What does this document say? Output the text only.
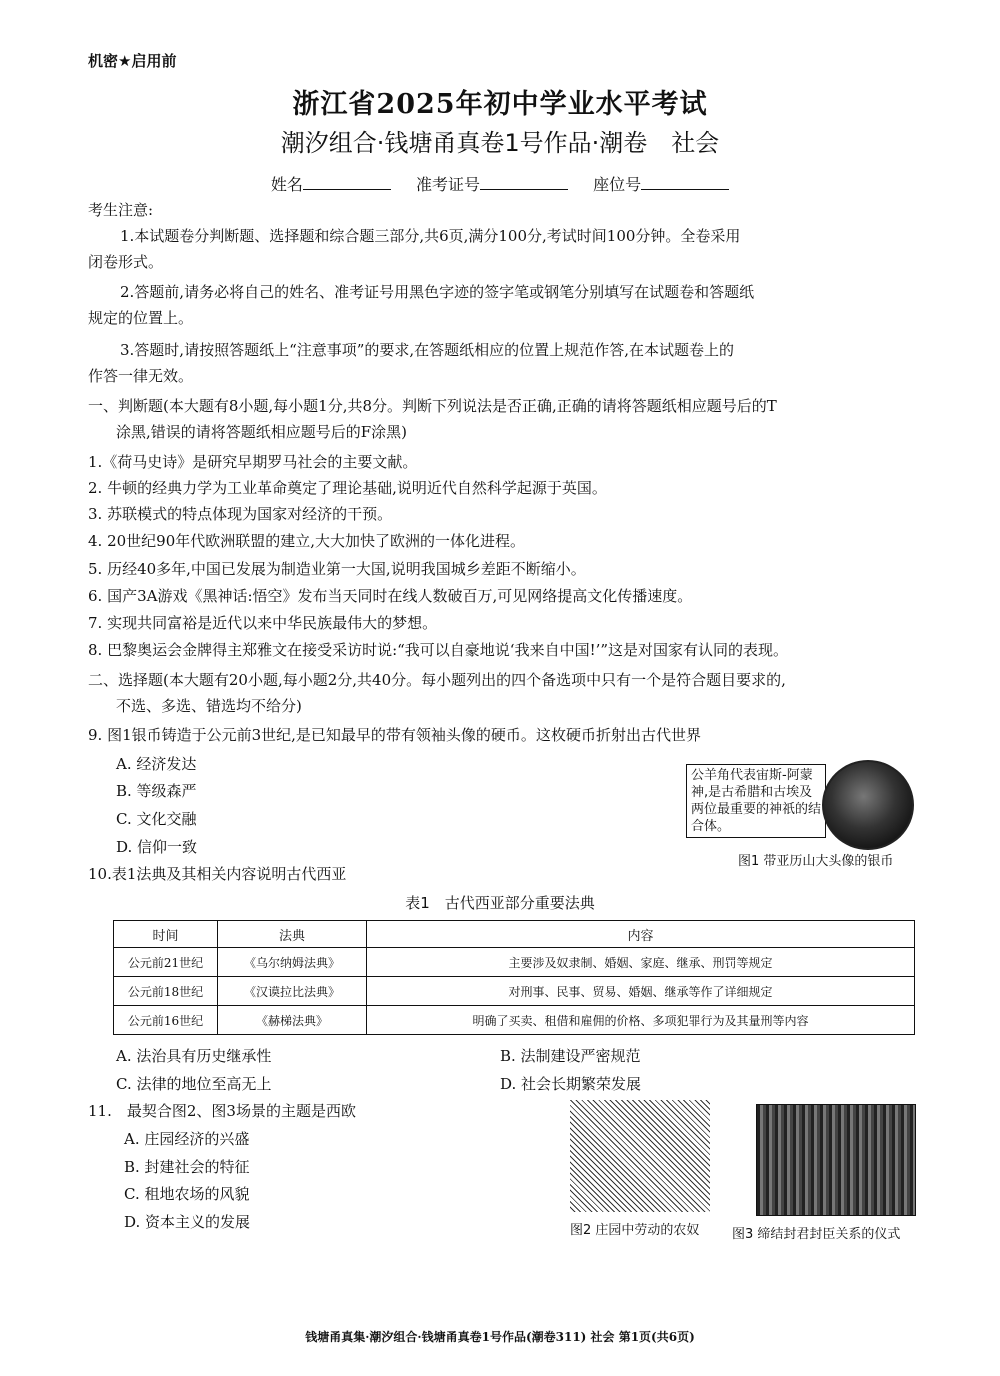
机密★启用前
浙江省2025年初中学业水平考试
潮汐组合·钱塘甬真卷1号作品·潮卷　社会
姓名	准考证号	座位号
考生注意:
1.本试题卷分判断题、选择题和综合题三部分,共6页,满分100分,考试时间100分钟。全卷采用
闭卷形式。
2.答题前,请务必将自己的姓名、准考证号用黑色字迹的签字笔或钢笔分别填写在试题卷和答题纸
规定的位置上。
3.答题时,请按照答题纸上“注意事项”的要求,在答题纸相应的位置上规范作答,在本试题卷上的
作答一律无效。
一、判断题(本大题有8小题,每小题1分,共8分。判断下列说法是否正确,正确的请将答题纸相应题号后的T
涂黑,错误的请将答题纸相应题号后的F涂黑)
1.《荷马史诗》是研究早期罗马社会的主要文献。
2. 牛顿的经典力学为工业革命奠定了理论基础,说明近代自然科学起源于英国。
3. 苏联模式的特点体现为国家对经济的干预。
4. 20世纪90年代欧洲联盟的建立,大大加快了欧洲的一体化进程。
5. 历经40多年,中国已发展为制造业第一大国,说明我国城乡差距不断缩小。
6. 国产3A游戏《黑神话:悟空》发布当天同时在线人数破百万,可见网络提高文化传播速度。
7. 实现共同富裕是近代以来中华民族最伟大的梦想。
8. 巴黎奥运会金牌得主郑雅文在接受采访时说:“我可以自豪地说‘我来自中国!’”这是对国家有认同的表现。
二、选择题(本大题有20小题,每小题2分,共40分。每小题列出的四个备选项中只有一个是符合题目要求的,
不选、多选、错选均不给分)
9. 图1银币铸造于公元前3世纪,是已知最早的带有领袖头像的硬币。这枚硬币折射出古代世界
A. 经济发达
B. 等级森严
C. 文化交融
D. 信仰一致
公羊角代表宙斯-阿蒙神,是古希腊和古埃及两位最重要的神祇的结合体。
图1 带亚历山大头像的银币
10.表1法典及其相关内容说明古代西亚
表1　古代西亚部分重要法典
时间	法典	内容
公元前21世纪	《乌尔纳姆法典》	主要涉及奴隶制、婚姻、家庭、继承、刑罚等规定
公元前18世纪	《汉谟拉比法典》	对刑事、民事、贸易、婚姻、继承等作了详细规定
公元前16世纪	《赫梯法典》	明确了买卖、租借和雇佣的价格、多项犯罪行为及其量刑等内容
A. 法治具有历史继承性	B. 法制建设严密规范
C. 法律的地位至高无上	D. 社会长期繁荣发展
11.　最契合图2、图3场景的主题是西欧
A. 庄园经济的兴盛
B. 封建社会的特征
C. 租地农场的风貌
D. 资本主义的发展	图2 庄园中劳动的农奴	图3 缔结封君封臣关系的仪式
钱塘甬真集·潮汐组合·钱塘甬真卷1号作品(潮卷311) 社会 第1页(共6页)
